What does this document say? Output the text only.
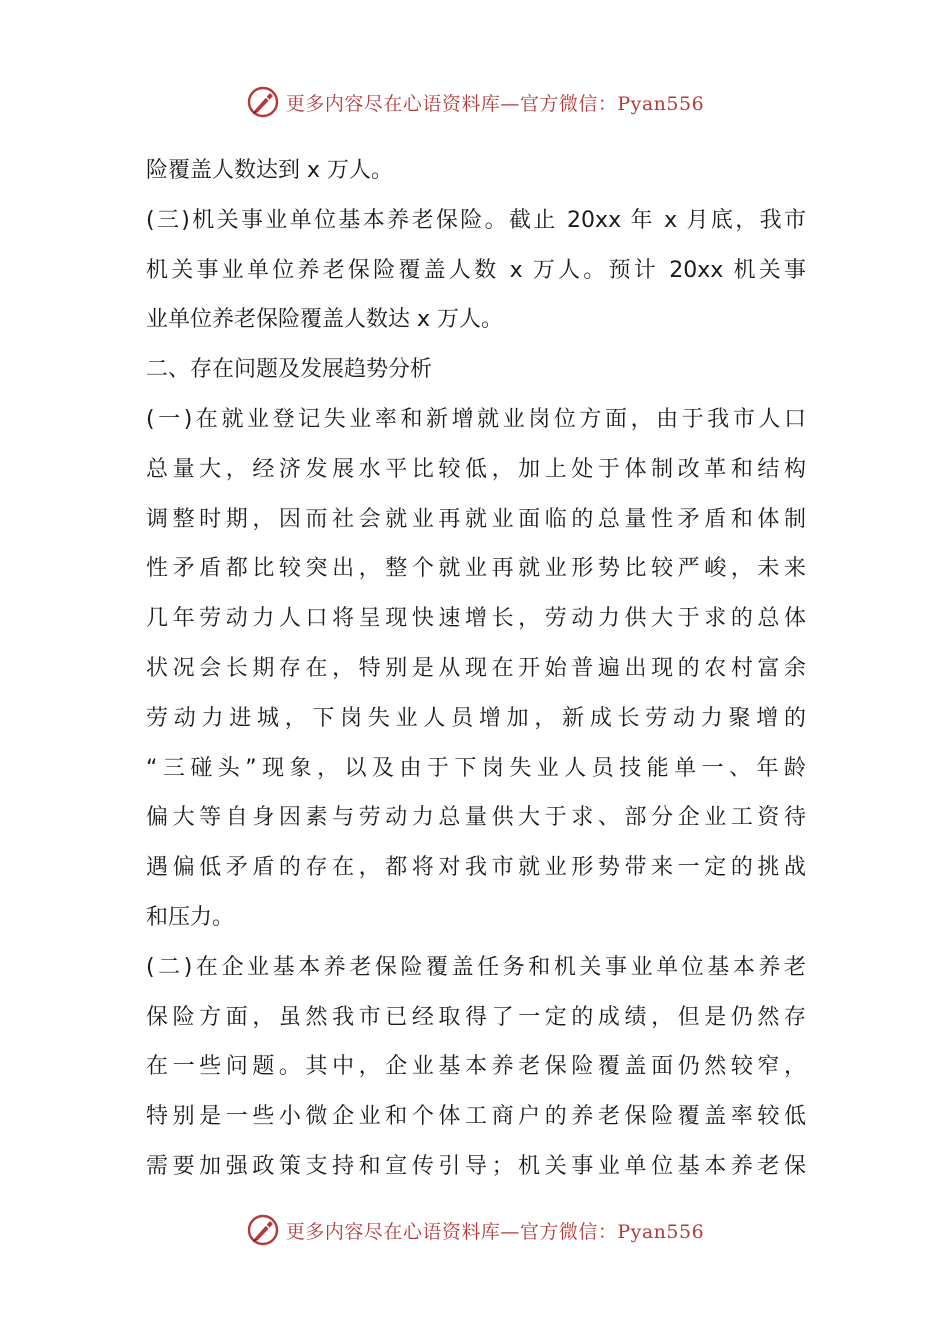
更多内容尽在心语资料库—官方微信：Pyan556
险覆盖人数达到 x 万人。
(三)机关事业单位基本养老保险。截止 20xx 年 x 月底，我市
机关事业单位养老保险覆盖人数 x 万人。预计 20xx 机关事
业单位养老保险覆盖人数达 x 万人。
二、存在问题及发展趋势分析
(一)在就业登记失业率和新增就业岗位方面，由于我市人口
总量大，经济发展水平比较低，加上处于体制改革和结构
调整时期，因而社会就业再就业面临的总量性矛盾和体制
性矛盾都比较突出，整个就业再就业形势比较严峻，未来
几年劳动力人口将呈现快速增长，劳动力供大于求的总体
状况会长期存在，特别是从现在开始普遍出现的农村富余
劳动力进城，下岗失业人员增加，新成长劳动力聚增的
“三碰头”现象，以及由于下岗失业人员技能单一、年龄
偏大等自身因素与劳动力总量供大于求、部分企业工资待
遇偏低矛盾的存在，都将对我市就业形势带来一定的挑战
和压力。
(二)在企业基本养老保险覆盖任务和机关事业单位基本养老
保险方面，虽然我市已经取得了一定的成绩，但是仍然存
在一些问题。其中，企业基本养老保险覆盖面仍然较窄，
特别是一些小微企业和个体工商户的养老保险覆盖率较低
需要加强政策支持和宣传引导；机关事业单位基本养老保
更多内容尽在心语资料库—官方微信：Pyan556
